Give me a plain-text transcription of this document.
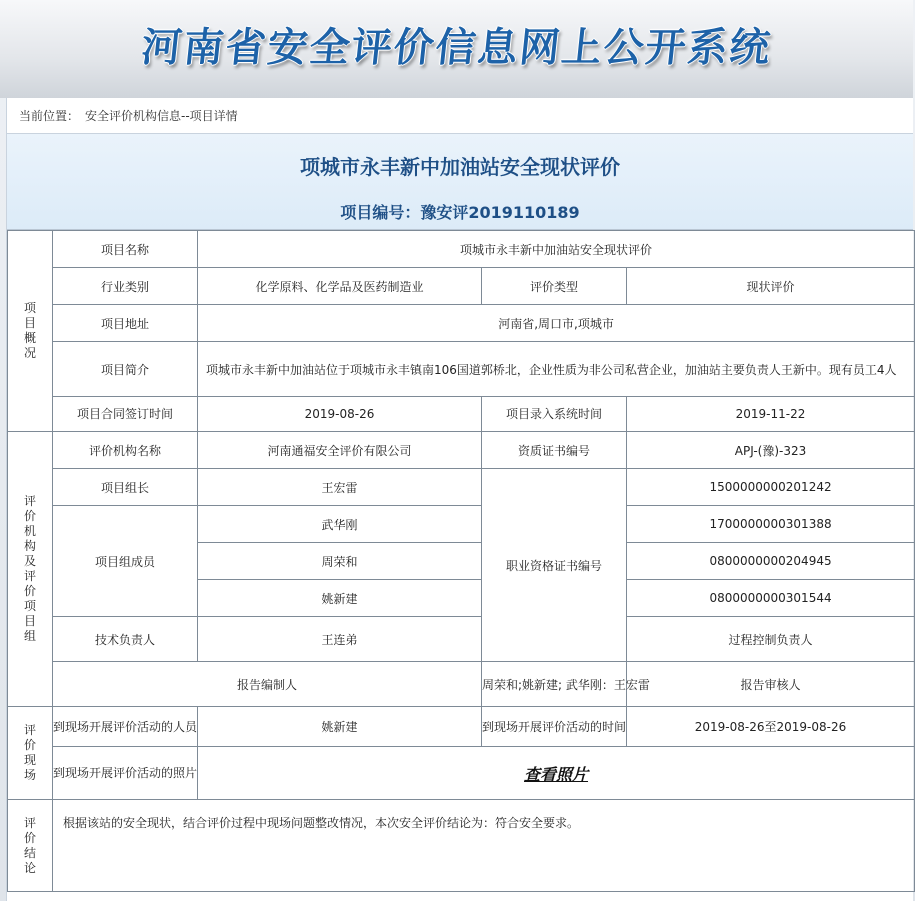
河南省安全评价信息网上公开系统
当前位置： 安全评价机构信息--项目详情
项城市永丰新中加油站安全现状评价
项目编号：豫安评2019110189
项目概况	项目名称	项城市永丰新中加油站安全现状评价			
	行业类别	化学原料、化学品及医药制造业	评价类型	现状评价	
	项目地址	河南省,周口市,项城市			
	项目简介	项城市永丰新中加油站位于项城市永丰镇南106国道郭桥北，企业性质为非公司私营企业，加油站主要负责人王新中。现有员工4人			
	项目合同签订时间	2019-08-26	项目录入系统时间	2019-11-22	
评价机构及评价项目组	评价机构名称	河南通福安全评价有限公司	资质证书编号	APJ-(豫)-323	
	项目组长	王宏雷	职业资格证书编号	1500000000201242	
	项目组成员	武华刚		1700000000301388	
		周荣和		0800000000204945	
		姚新建		0800000000301544	
	技术负责人	王连弟		过程控制负责人	
	报告编制人		周荣和;姚新建; 武华刚：王宏雷	报告审核人	
评价现场	到现场开展评价活动的人员	姚新建	到现场开展评价活动的时间	2019-08-26至2019-08-26	
	到现场开展评价活动的照片	查看照片			
评价结论	根据该站的安全现状，结合评价过程中现场问题整改情况，本次安全评价结论为：符合安全要求。				
